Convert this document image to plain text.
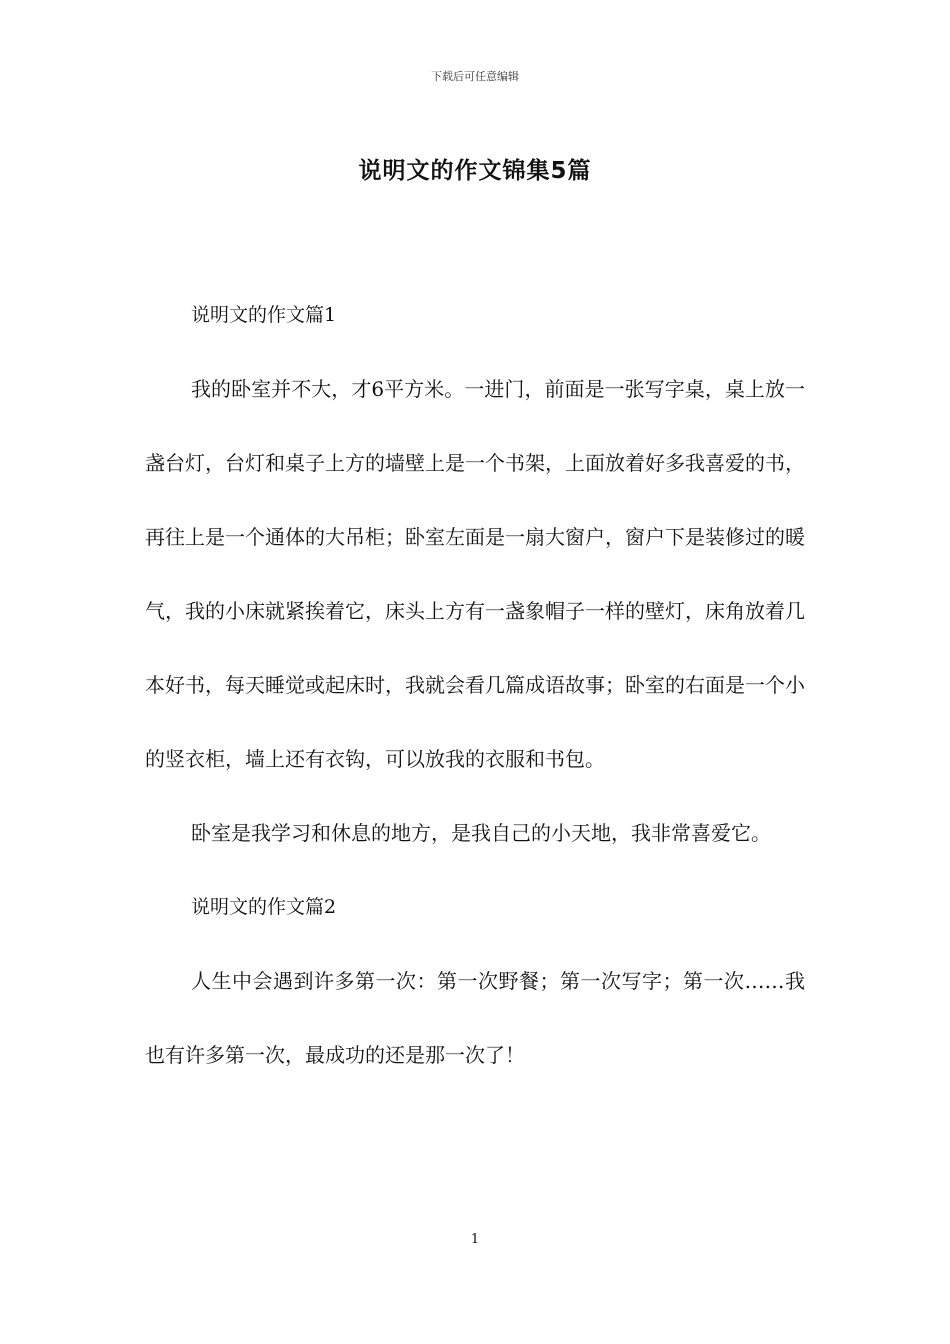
下载后可任意编辑
说明文的作文锦集5篇

说明文的作文篇1

我的卧室并不大，才6平方米。一进门，前面是一张写字桌，桌上放一盏台灯，台灯和桌子上方的墙壁上是一个书架，上面放着好多我喜爱的书，再往上是一个通体的大吊柜；卧室左面是一扇大窗户，窗户下是装修过的暖气，我的小床就紧挨着它，床头上方有一盏象帽子一样的壁灯，床角放着几本好书，每天睡觉或起床时，我就会看几篇成语故事；卧室的右面是一个小的竖衣柜，墙上还有衣钩，可以放我的衣服和书包。

卧室是我学习和休息的地方，是我自己的小天地，我非常喜爱它。

说明文的作文篇2

人生中会遇到许多第一次：第一次野餐；第一次写字；第一次……我也有许多第一次，最成功的还是那一次了！

1
